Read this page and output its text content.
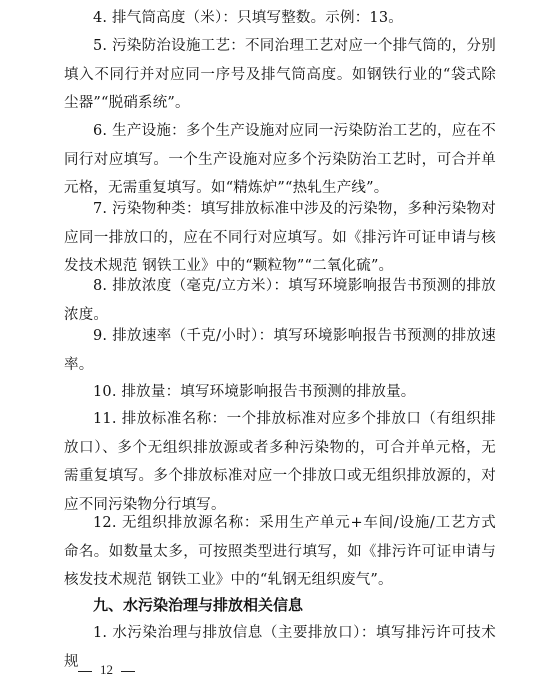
4. 排气筒高度（米）：只填写整数。示例：13。

5. 污染防治设施工艺：不同治理工艺对应一个排气筒的，分别填入不同行并对应同一序号及排气筒高度。如钢铁行业的“袋式除尘器”“脱硝系统”。

6. 生产设施：多个生产设施对应同一污染防治工艺的，应在不同行对应填写。一个生产设施对应多个污染防治工艺时，可合并单元格，无需重复填写。如“精炼炉”“热轧生产线”。

7. 污染物种类：填写排放标准中涉及的污染物，多种污染物对应同一排放口的，应在不同行对应填写。如《排污许可证申请与核发技术规范 钢铁工业》中的“颗粒物”“二氧化硫”。

8. 排放浓度（毫克/立方米）：填写环境影响报告书预测的排放浓度。

9. 排放速率（千克/小时）：填写环境影响报告书预测的排放速率。

10. 排放量：填写环境影响报告书预测的排放量。

11. 排放标准名称：一个排放标准对应多个排放口（有组织排放口）、多个无组织排放源或者多种污染物的，可合并单元格，无需重复填写。多个排放标准对应一个排放口或无组织排放源的，对应不同污染物分行填写。

12. 无组织排放源名称：采用生产单元+车间/设施/工艺方式命名。如数量太多，可按照类型进行填写，如《排污许可证申请与核发技术规范 钢铁工业》中的“轧钢无组织废气”。

九、水污染治理与排放相关信息

1. 水污染治理与排放信息（主要排放口）：填写排污许可技术规	12
